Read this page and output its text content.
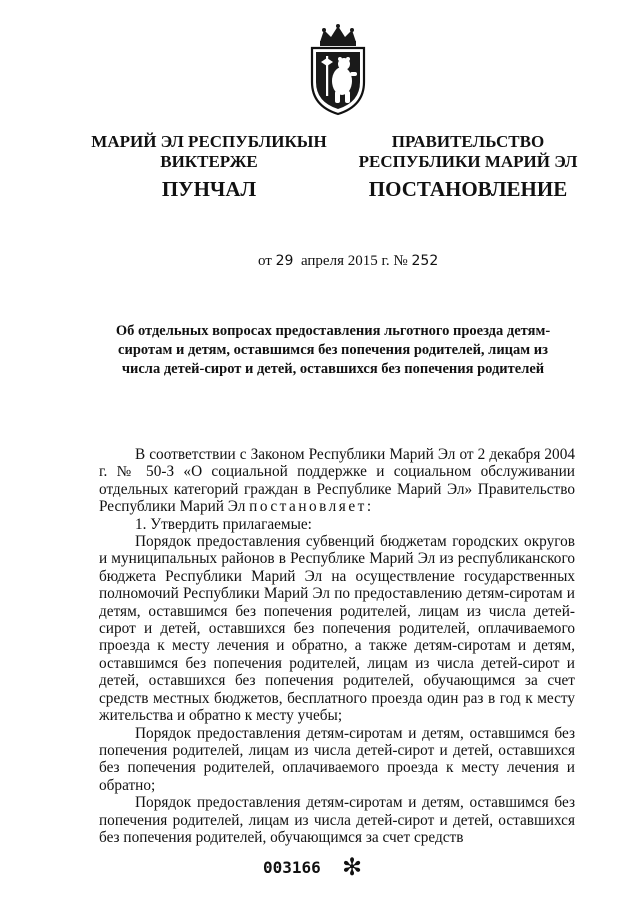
МАРИЙ ЭЛ РЕСПУБЛИКЫН
ВИКТЕРЖЕ
ПРАВИТЕЛЬСТВО
РЕСПУБЛИКИ МАРИЙ ЭЛ
ПУНЧАЛ	ПОСТАНОВЛЕНИЕ
от 29 апреля 2015 г. № 252
Об отдельных вопросах предоставления льготного проезда детям-сиротам и детям, оставшимся без попечения родителей, лицам из числа детей-сирот и детей, оставшихся без попечения родителей

В соответствии с Законом Республики Марий Эл от 2 декабря 2004 г. № 50-З «О социальной поддержке и социальном обслуживании отдельных категорий граждан в Республике Марий Эл» Правительство Республики Марий Эл постановляет:

1. Утвердить прилагаемые:

Порядок предоставления субвенций бюджетам городских округов и муниципальных районов в Республике Марий Эл из республиканского бюджета Республики Марий Эл на осуществление государственных полномочий Республики Марий Эл по предоставлению детям-сиротам и детям, оставшимся без попечения родителей, лицам из числа детей-сирот и детей, оставшихся без попечения родителей, оплачиваемого проезда к месту лечения и обратно, а также детям-сиротам и детям, оставшимся без попечения родителей, лицам из числа детей-сирот и детей, оставшихся без попечения родителей, обучающимся за счет средств местных бюджетов, бесплатного проезда один раз в год к месту жительства и обратно к месту учебы;

Порядок предоставления детям-сиротам и детям, оставшимся без попечения родителей, лицам из числа детей-сирот и детей, оставшихся без попечения родителей, оплачиваемого проезда к месту лечения и обратно;

Порядок предоставления детям-сиротам и детям, оставшимся без попечения родителей, лицам из числа детей-сирот и детей, оставшихся без попечения родителей, обучающимся за счет средств

003166 ✻
